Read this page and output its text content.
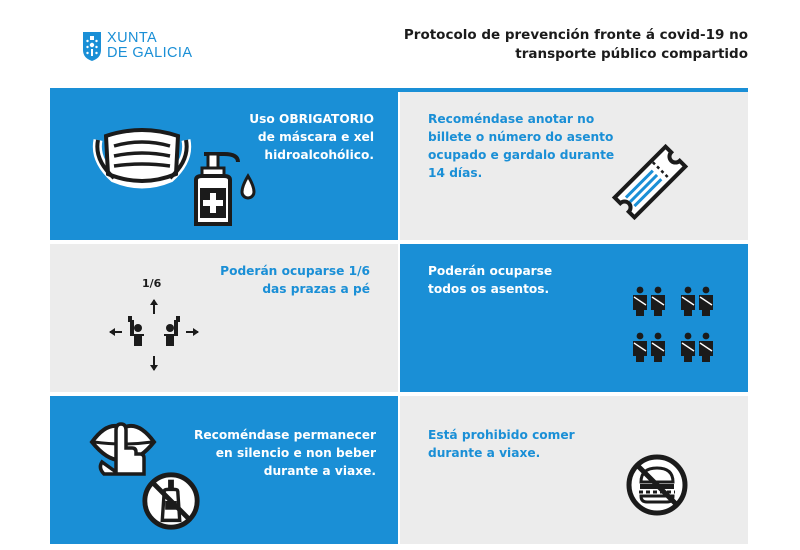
XUNTA
DE GALICIA
Protocolo de prevención fronte á covid-19 no
transporte público compartido
Uso OBRIGATORIO
de máscara e xel
hidroalcohólico.
Recoméndase anotar no
billete o número do asento
ocupado e gardalo durante
14 días.
Poderán ocuparse 1/6
das prazas a pé
1/6
Poderán ocuparse
todos os asentos.
Recoméndase permanecer
en silencio e non beber
durante a viaxe.
Está prohibido comer
durante a viaxe.
